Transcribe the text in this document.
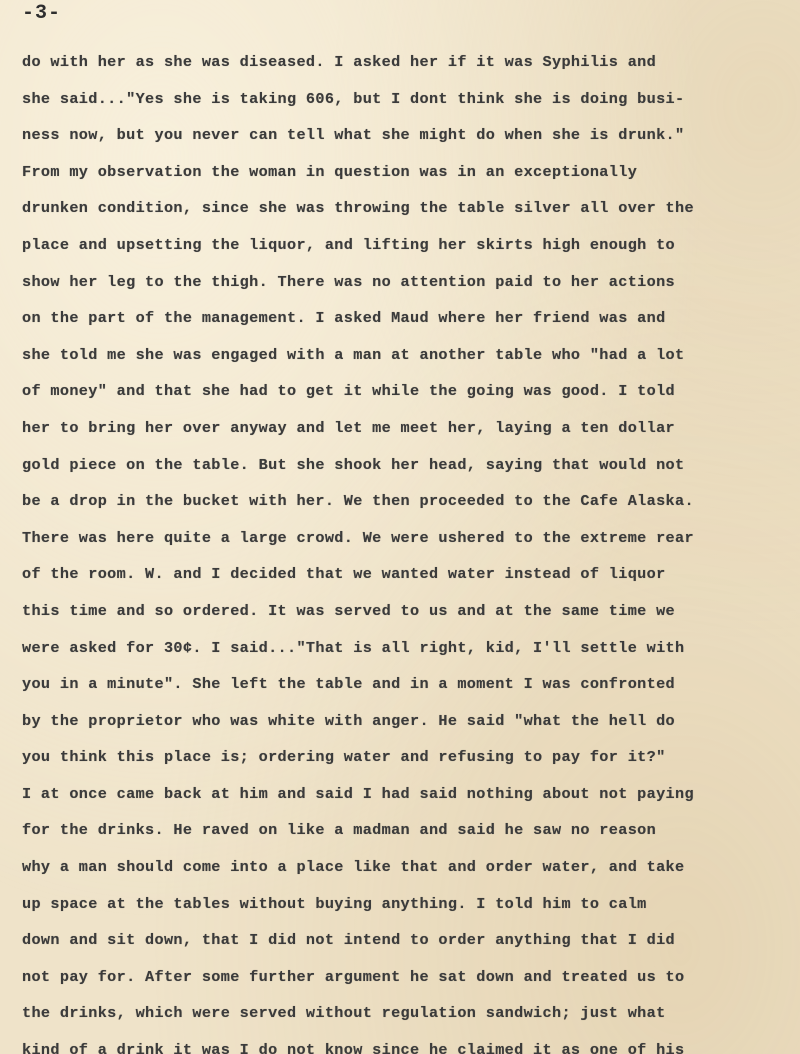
-3-
do with her as she was diseased. I asked her if it was Syphilis and
she said..."Yes she is taking 606, but I dont think she is doing busi-
ness now, but you never can tell what she might do when she is drunk."
From my observation the woman in question was in an exceptionally
drunken condition, since she was throwing the table silver all over the
place and upsetting the liquor, and lifting her skirts high enough to
show her leg to the thigh. There was no attention paid to her actions
on the part of the management. I asked Maud where her friend was and
she told me she was engaged with a man at another table who "had a lot
of money" and that she had to get it while the going was good. I told
her to bring her over anyway and let me meet her, laying a ten dollar
gold piece on the table. But she shook her head, saying that would not
be a drop in the bucket with her. We then proceeded to the Cafe Alaska.
There was here quite a large crowd. We were ushered to the extreme rear
of the room. W. and I decided that we wanted water instead of liquor
this time and so ordered. It was served to us and at the same time we
were asked for 30¢. I said..."That is all right, kid, I'll settle with
you in a minute". She left the table and in a moment I was confronted
by the proprietor who was white with anger. He said "what the hell do
you think this place is; ordering water and refusing to pay for it?"
I at once came back at him and said I had said nothing about not paying
for the drinks. He raved on like a madman and said he saw no reason
why a man should come into a place like that and order water, and take
up space at the tables without buying anything. I told him to calm
down and sit down, that I did not intend to order anything that I did
not pay for. After some further argument he sat down and treated us to
the drinks, which were served without regulation sandwich; just what
kind of a drink it was I do not know since he claimed it as one of his
